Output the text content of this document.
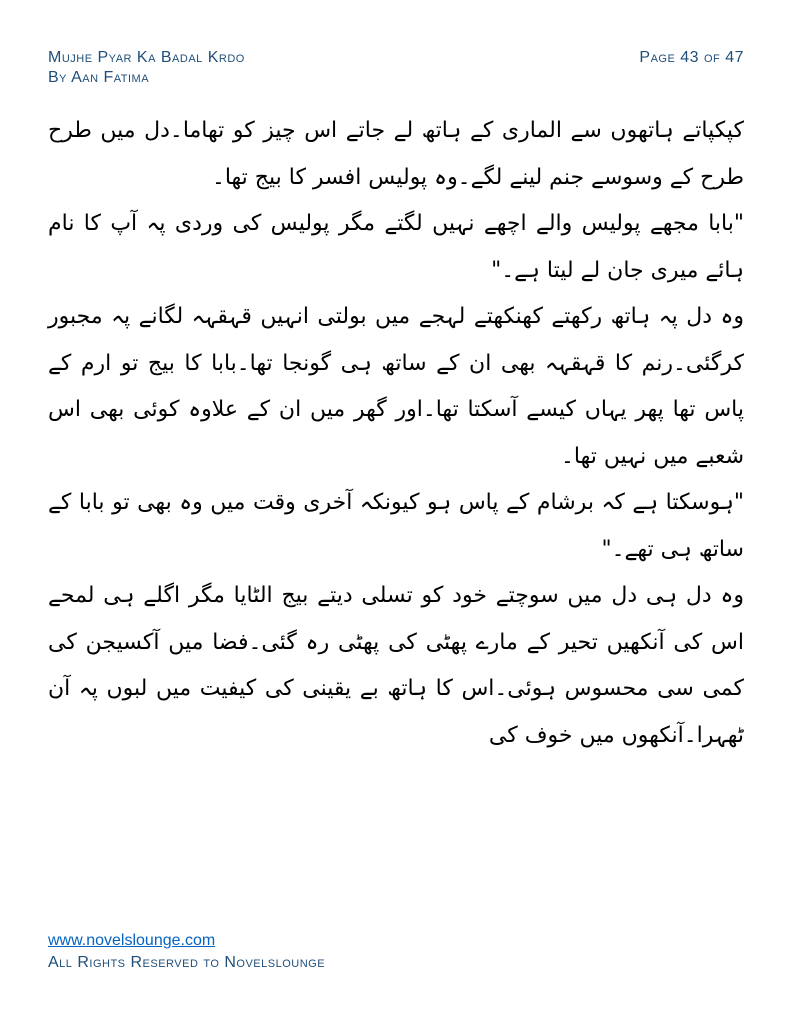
Mujhe Pyar Ka Badal Krdo
By Aan Fatima
Page 43 of 47

کپکپاتے ہاتھوں سے الماری کے ہاتھ لے جاتے اس چیز کو تھاما۔دل میں طرح طرح کے وسوسے جنم لینے لگے۔وہ پولیس افسر کا بیج تھا۔

"بابا مجھے پولیس والے اچھے نہیں لگتے مگر پولیس کی وردی پہ آپ کا نام ہائے میری جان لے لیتا ہے۔"

وہ دل پہ ہاتھ رکھتے کھنکھتے لہجے میں بولتی انہیں قہقہہ لگانے پہ مجبور کرگئی۔رنم کا قہقہہ بھی ان کے ساتھ ہی گونجا تھا۔بابا کا بیج تو ارم کے پاس تھا پھر یہاں کیسے آسکتا تھا۔اور گھر میں ان کے علاوہ کوئی بھی اس شعبے میں نہیں تھا۔

"ہوسکتا ہے کہ برشام کے پاس ہو کیونکہ آخری وقت میں وہ بھی تو بابا کے ساتھ ہی تھے۔"

وہ دل ہی دل میں سوچتے خود کو تسلی دیتے بیج الٹایا مگر اگلے ہی لمحے اس کی آنکھیں تحیر کے مارے پھٹی کی پھٹی رہ گئی۔فضا میں آکسیجن کی کمی سی محسوس ہوئی۔اس کا ہاتھ بے یقینی کی کیفیت میں لبوں پہ آن ٹھہرا۔آنکھوں میں خوف کی

www.novelslounge.com
All Rights Reserved to Novelslounge
